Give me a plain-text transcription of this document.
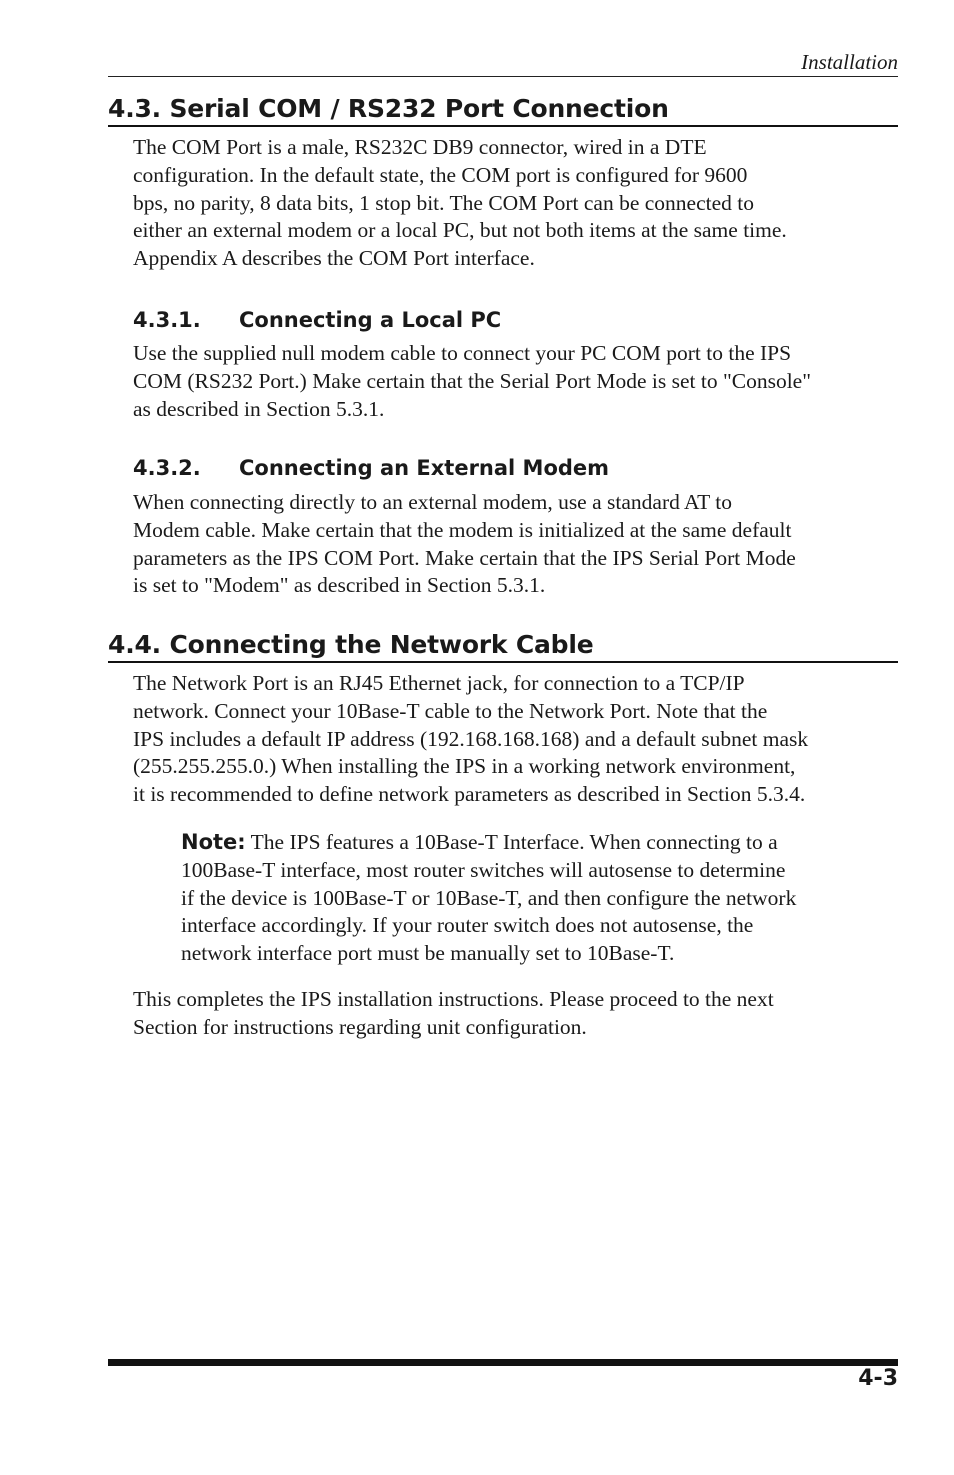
Installation
4.3. Serial COM / RS232 Port Connection

The COM Port is a male, RS232C DB9 connector, wired in a DTE
configuration. In the default state, the COM port is configured for 9600
bps, no parity, 8 data bits, 1 stop bit. The COM Port can be connected to
either an external modem or a local PC, but not both items at the same time.
Appendix A describes the COM Port interface.

4.3.1. Connecting a Local PC

Use the supplied null modem cable to connect your PC COM port to the IPS
COM (RS232 Port.) Make certain that the Serial Port Mode is set to "Console"
as described in Section 5.3.1.

4.3.2. Connecting an External Modem

When connecting directly to an external modem, use a standard AT to
Modem cable. Make certain that the modem is initialized at the same default
parameters as the IPS COM Port. Make certain that the IPS Serial Port Mode
is set to "Modem" as described in Section 5.3.1.

4.4. Connecting the Network Cable

The Network Port is an RJ45 Ethernet jack, for connection to a TCP/IP
network. Connect your 10Base-T cable to the Network Port. Note that the
IPS includes a default IP address (192.168.168.168) and a default subnet mask
(255.255.255.0.) When installing the IPS in a working network environment,
it is recommended to define network parameters as described in Section 5.3.4.

Note: The IPS features a 10Base-T Interface. When connecting to a
100Base-T interface, most router switches will autosense to determine
if the device is 100Base-T or 10Base-T, and then configure the network
interface accordingly. If your router switch does not autosense, the
network interface port must be manually set to 10Base-T.

This completes the IPS installation instructions. Please proceed to the next
Section for instructions regarding unit configuration.

4-3
